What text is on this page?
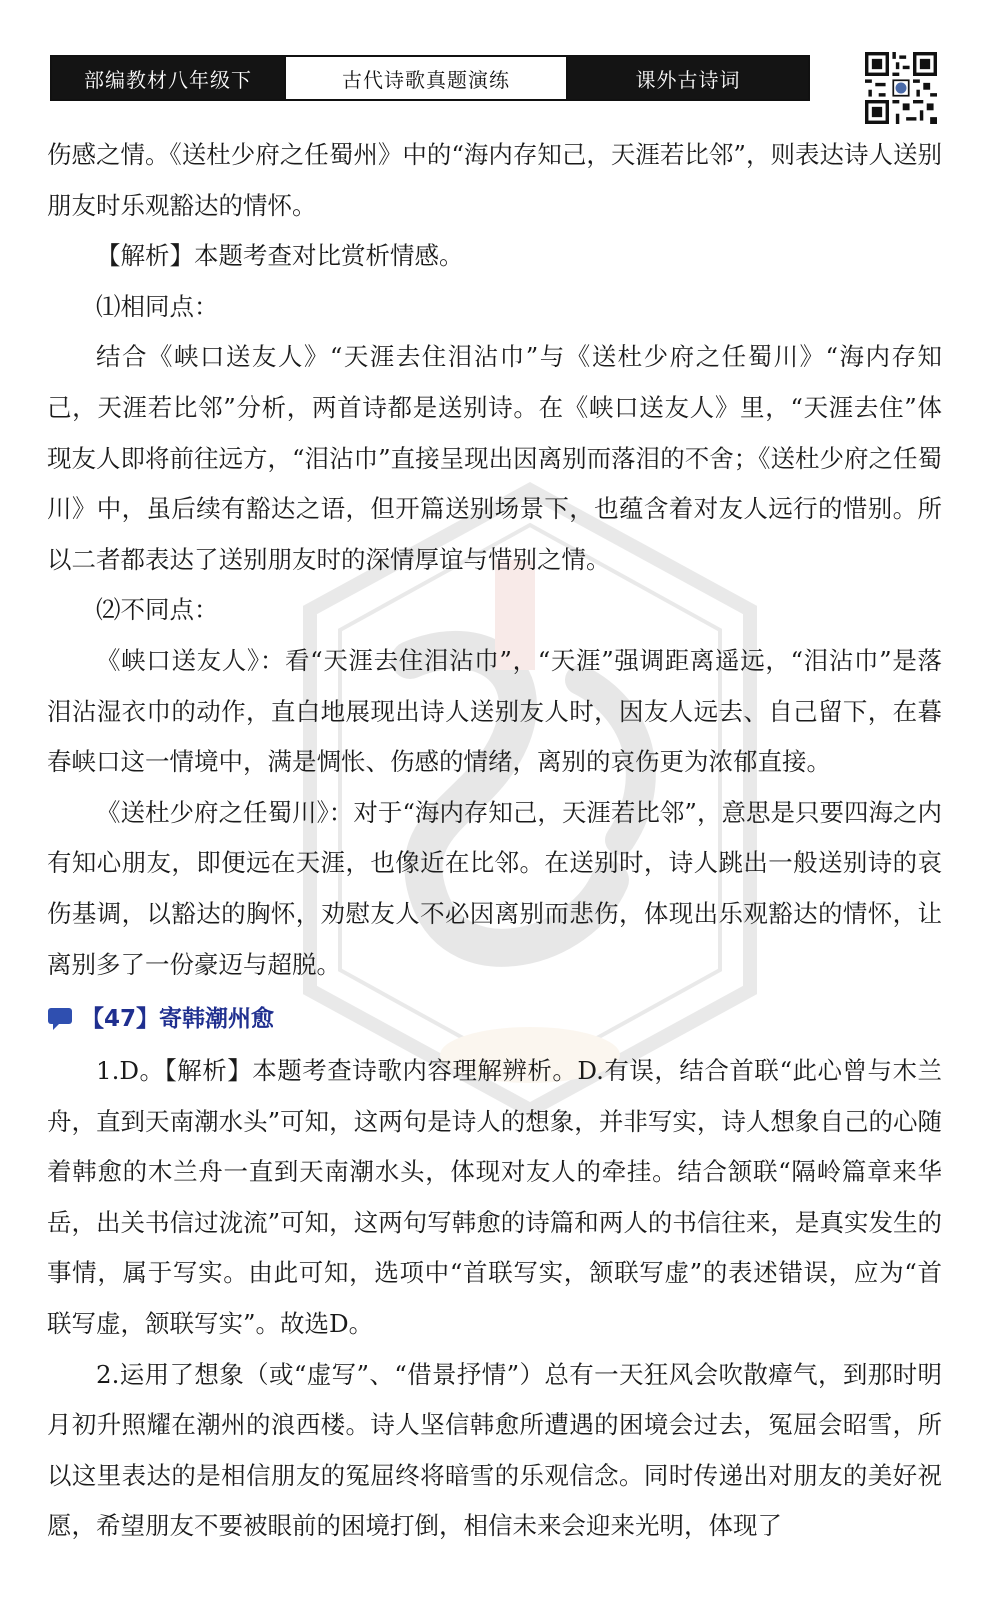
部编教材八年级下	古代诗歌真题演练	课外古诗词

伤感之情。《送杜少府之任蜀州》中的“海内存知己，天涯若比邻”，则表达诗人送别朋友时乐观豁达的情怀。

【解析】本题考查对比赏析情感。

⑴相同点：

结合《峡口送友人》“天涯去住泪沾巾”与《送杜少府之任蜀川》“海内存知己，天涯若比邻”分析，两首诗都是送别诗。在《峡口送友人》里，“天涯去住”体现友人即将前往远方，“泪沾巾”直接呈现出因离别而落泪的不舍；《送杜少府之任蜀川》中，虽后续有豁达之语，但开篇送别场景下，也蕴含着对友人远行的惜别。所以二者都表达了送别朋友时的深情厚谊与惜别之情。

⑵不同点：

《峡口送友人》：看“天涯去住泪沾巾”，“天涯”强调距离遥远，“泪沾巾”是落泪沾湿衣巾的动作，直白地展现出诗人送别友人时，因友人远去、自己留下，在暮春峡口这一情境中，满是惆怅、伤感的情绪，离别的哀伤更为浓郁直接。

《送杜少府之任蜀川》：对于“海内存知己，天涯若比邻”，意思是只要四海之内有知心朋友，即便远在天涯，也像近在比邻。在送别时，诗人跳出一般送别诗的哀伤基调，以豁达的胸怀，劝慰友人不必因离别而悲伤，体现出乐观豁达的情怀，让离别多了一份豪迈与超脱。

【47】寄韩潮州愈

1.D。【解析】本题考查诗歌内容理解辨析。D.有误，结合首联“此心曾与木兰舟，直到天南潮水头”可知，这两句是诗人的想象，并非写实，诗人想象自己的心随着韩愈的木兰舟一直到天南潮水头，体现对友人的牵挂。结合颔联“隔岭篇章来华岳，出关书信过泷流”可知，这两句写韩愈的诗篇和两人的书信往来，是真实发生的事情，属于写实。由此可知，选项中“首联写实，颔联写虚”的表述错误，应为“首联写虚，颔联写实”。故选D。

2.运用了想象（或“虚写”、“借景抒情”）总有一天狂风会吹散瘴气，到那时明月初升照耀在潮州的浪西楼。诗人坚信韩愈所遭遇的困境会过去，冤屈会昭雪，所以这里表达的是相信朋友的冤屈终将暗雪的乐观信念。同时传递出对朋友的美好祝愿，希望朋友不要被眼前的困境打倒，相信未来会迎来光明，体现了
